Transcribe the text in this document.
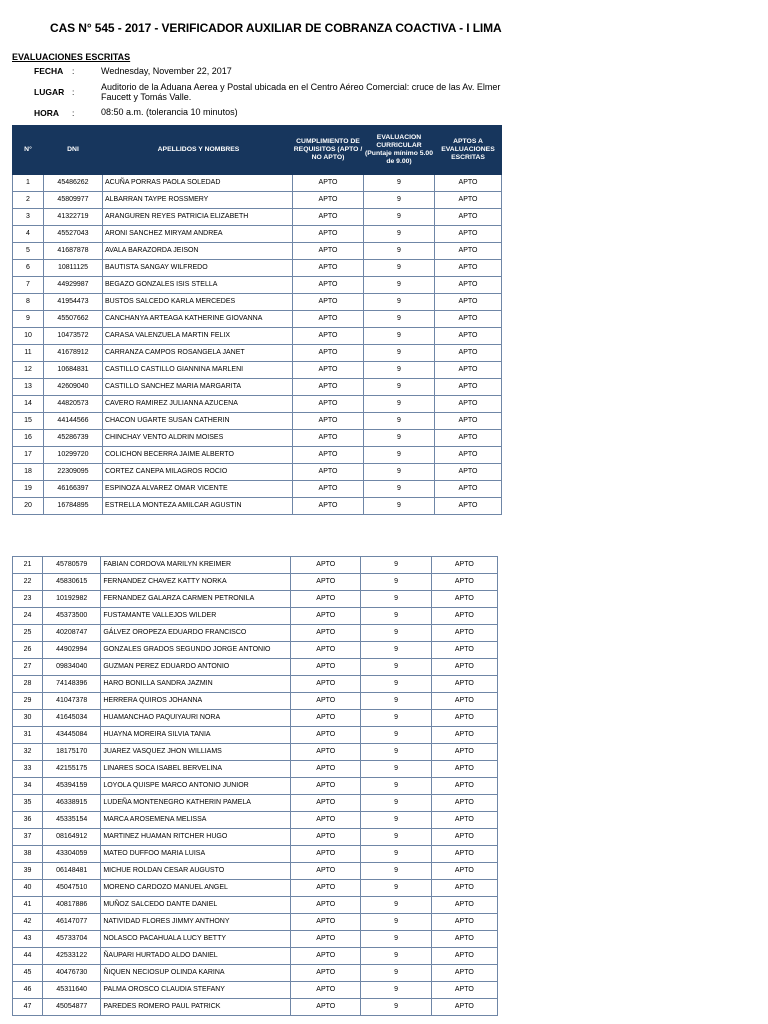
CAS N° 545 - 2017 - VERIFICADOR AUXILIAR DE COBRANZA COACTIVA - I LIMA
EVALUACIONES ESCRITAS
FECHA :	Wednesday, November 22, 2017
LUGAR :	Auditorio de la Aduana Aerea y Postal ubicada en el Centro Aéreo Comercial: cruce de las Av. Elmer Faucett y Tomás Valle.
HORA :	08:50 a.m. (tolerancia 10 minutos)
N°	DNI	APELLIDOS Y NOMBRES	CUMPLIMIENTO DE REQUISITOS (APTO / NO APTO)	EVALUACION CURRICULAR (Puntaje mínimo 5.00 de 9.00)	APTOS A EVALUACIONES ESCRITAS
1	45486262	ACUÑA PORRAS PAOLA SOLEDAD	APTO	9	APTO
2	45809977	ALBARRAN TAYPE ROSSMERY	APTO	9	APTO
3	41322719	ARANGUREN REYES PATRICIA ELIZABETH	APTO	9	APTO
4	45527043	ARONI SANCHEZ MIRYAM ANDREA	APTO	9	APTO
5	41687878	AVALA BARAZORDA JEISON	APTO	9	APTO
6	10811125	BAUTISTA SANGAY WILFREDO	APTO	9	APTO
7	44929987	BEGAZO GONZALES ISIS STELLA	APTO	9	APTO
8	41954473	BUSTOS SALCEDO KARLA MERCEDES	APTO	9	APTO
9	45507662	CANCHANYA ARTEAGA KATHERINE GIOVANNA	APTO	9	APTO
10	10473572	CARASA VALENZUELA MARTIN FELIX	APTO	9	APTO
11	41678912	CARRANZA CAMPOS ROSANGELA JANET	APTO	9	APTO
12	10684831	CASTILLO CASTILLO GIANNINA MARLENI	APTO	9	APTO
13	42609040	CASTILLO SANCHEZ MARIA MARGARITA	APTO	9	APTO
14	44820573	CAVERO RAMIREZ JULIANNA AZUCENA	APTO	9	APTO
15	44144566	CHACON UGARTE SUSAN CATHERIN	APTO	9	APTO
16	45286739	CHINCHAY VENTO ALDRIN MOISES	APTO	9	APTO
17	10299720	COLICHON BECERRA JAIME ALBERTO	APTO	9	APTO
18	22309095	CORTEZ CANEPA MILAGROS ROCIO	APTO	9	APTO
19	46166397	ESPINOZA ALVAREZ OMAR VICENTE	APTO	9	APTO
20	16784895	ESTRELLA MONTEZA AMILCAR AGUSTIN	APTO	9	APTO
21	45780579	FABIAN CORDOVA MARILYN KREIMER	APTO	9	APTO
22	45830615	FERNANDEZ CHAVEZ KATTY NORKA	APTO	9	APTO
23	10192982	FERNANDEZ GALARZA CARMEN PETRONILA	APTO	9	APTO
24	45373500	FUSTAMANTE VALLEJOS WILDER	APTO	9	APTO
25	40208747	GÁLVEZ OROPEZA EDUARDO FRANCISCO	APTO	9	APTO
26	44902994	GONZALES GRADOS SEGUNDO JORGE ANTONIO	APTO	9	APTO
27	09834040	GUZMAN PEREZ EDUARDO ANTONIO	APTO	9	APTO
28	74148396	HARO BONILLA SANDRA JAZMIN	APTO	9	APTO
29	41047378	HERRERA QUIROS JOHANNA	APTO	9	APTO
30	41645034	HUAMANCHAO PAQUIYAURI NORA	APTO	9	APTO
31	43445084	HUAYNA MOREIRA SILVIA TANIA	APTO	9	APTO
32	18175170	JUAREZ VASQUEZ JHON WILLIAMS	APTO	9	APTO
33	42155175	LINARES SOCA ISABEL BERVELINA	APTO	9	APTO
34	45394159	LOYOLA QUISPE MARCO ANTONIO JUNIOR	APTO	9	APTO
35	46338915	LUDEÑA MONTENEGRO KATHERIN PAMELA	APTO	9	APTO
36	45335154	MARCA AROSEMENA MELISSA	APTO	9	APTO
37	08164912	MARTINEZ HUAMAN RITCHER HUGO	APTO	9	APTO
38	43304059	MATEO DUFFOO MARIA LUISA	APTO	9	APTO
39	06148481	MICHUE ROLDAN CESAR AUGUSTO	APTO	9	APTO
40	45047510	MORENO CARDOZO MANUEL ANGEL	APTO	9	APTO
41	40817886	MUÑOZ SALCEDO DANTE DANIEL	APTO	9	APTO
42	46147077	NATIVIDAD FLORES JIMMY ANTHONY	APTO	9	APTO
43	45733704	NOLASCO PACAHUALA LUCY BETTY	APTO	9	APTO
44	42533122	ÑAUPARI HURTADO ALDO DANIEL	APTO	9	APTO
45	40476730	ÑIQUEN NECIOSUP OLINDA KARINA	APTO	9	APTO
46	45311640	PALMA OROSCO CLAUDIA STEFANY	APTO	9	APTO
47	45054877	PAREDES ROMERO PAUL PATRICK	APTO	9	APTO
